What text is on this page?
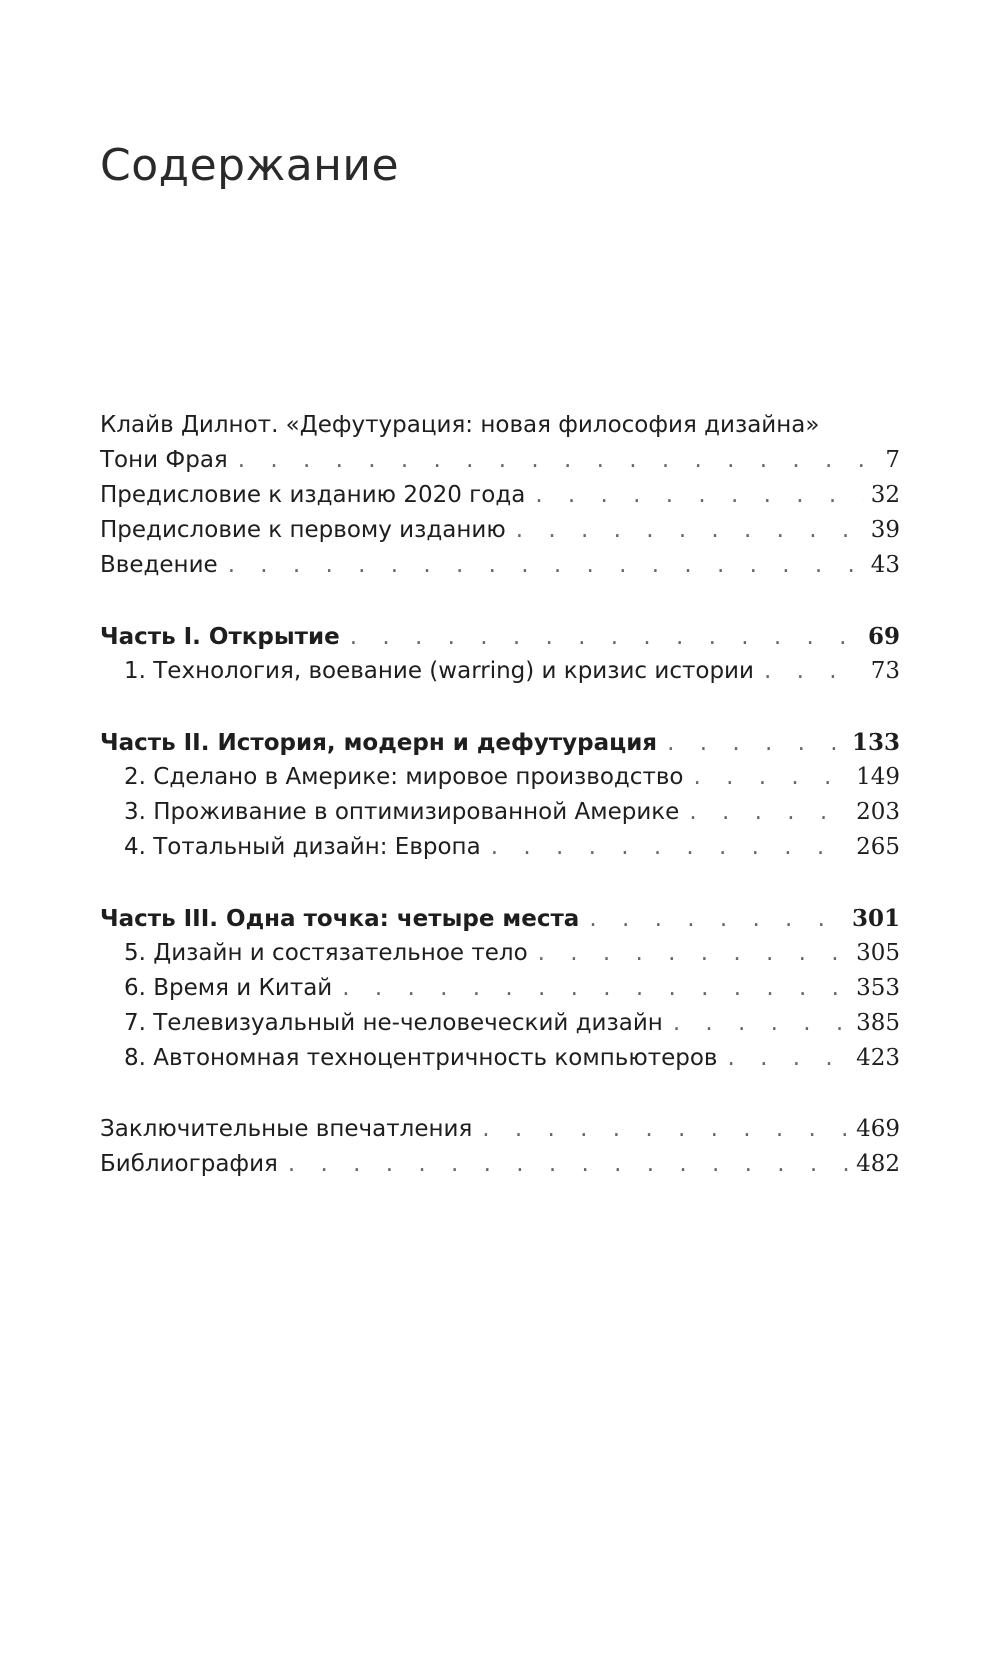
Содержание
Клайв Дилнот. «Дефутурация: новая философия дизайна»
Тони Фрая . . .	7
Предисловие к изданию 2020 года . . .	32
Предисловие к первому изданию . . .	39
Введение . . .	43
Часть I. Открытие . . .	69
1. Технология, воевание (warring) и кризис истории . . .	73
Часть II. История, модерн и дефутурация . . .	133
2. Сделано в Америке: мировое производство . . .	149
3. Проживание в оптимизированной Америке . . .	203
4. Тотальный дизайн: Европа . . .	265
Часть III. Одна точка: четыре места . . .	301
5. Дизайн и состязательное тело . . .	305
6. Время и Китай . . .	353
7. Телевизуальный не-человеческий дизайн . . .	385
8. Автономная техноцентричность компьютеров . . .	423
Заключительные впечатления . . .	469
Библиография . . .	482
